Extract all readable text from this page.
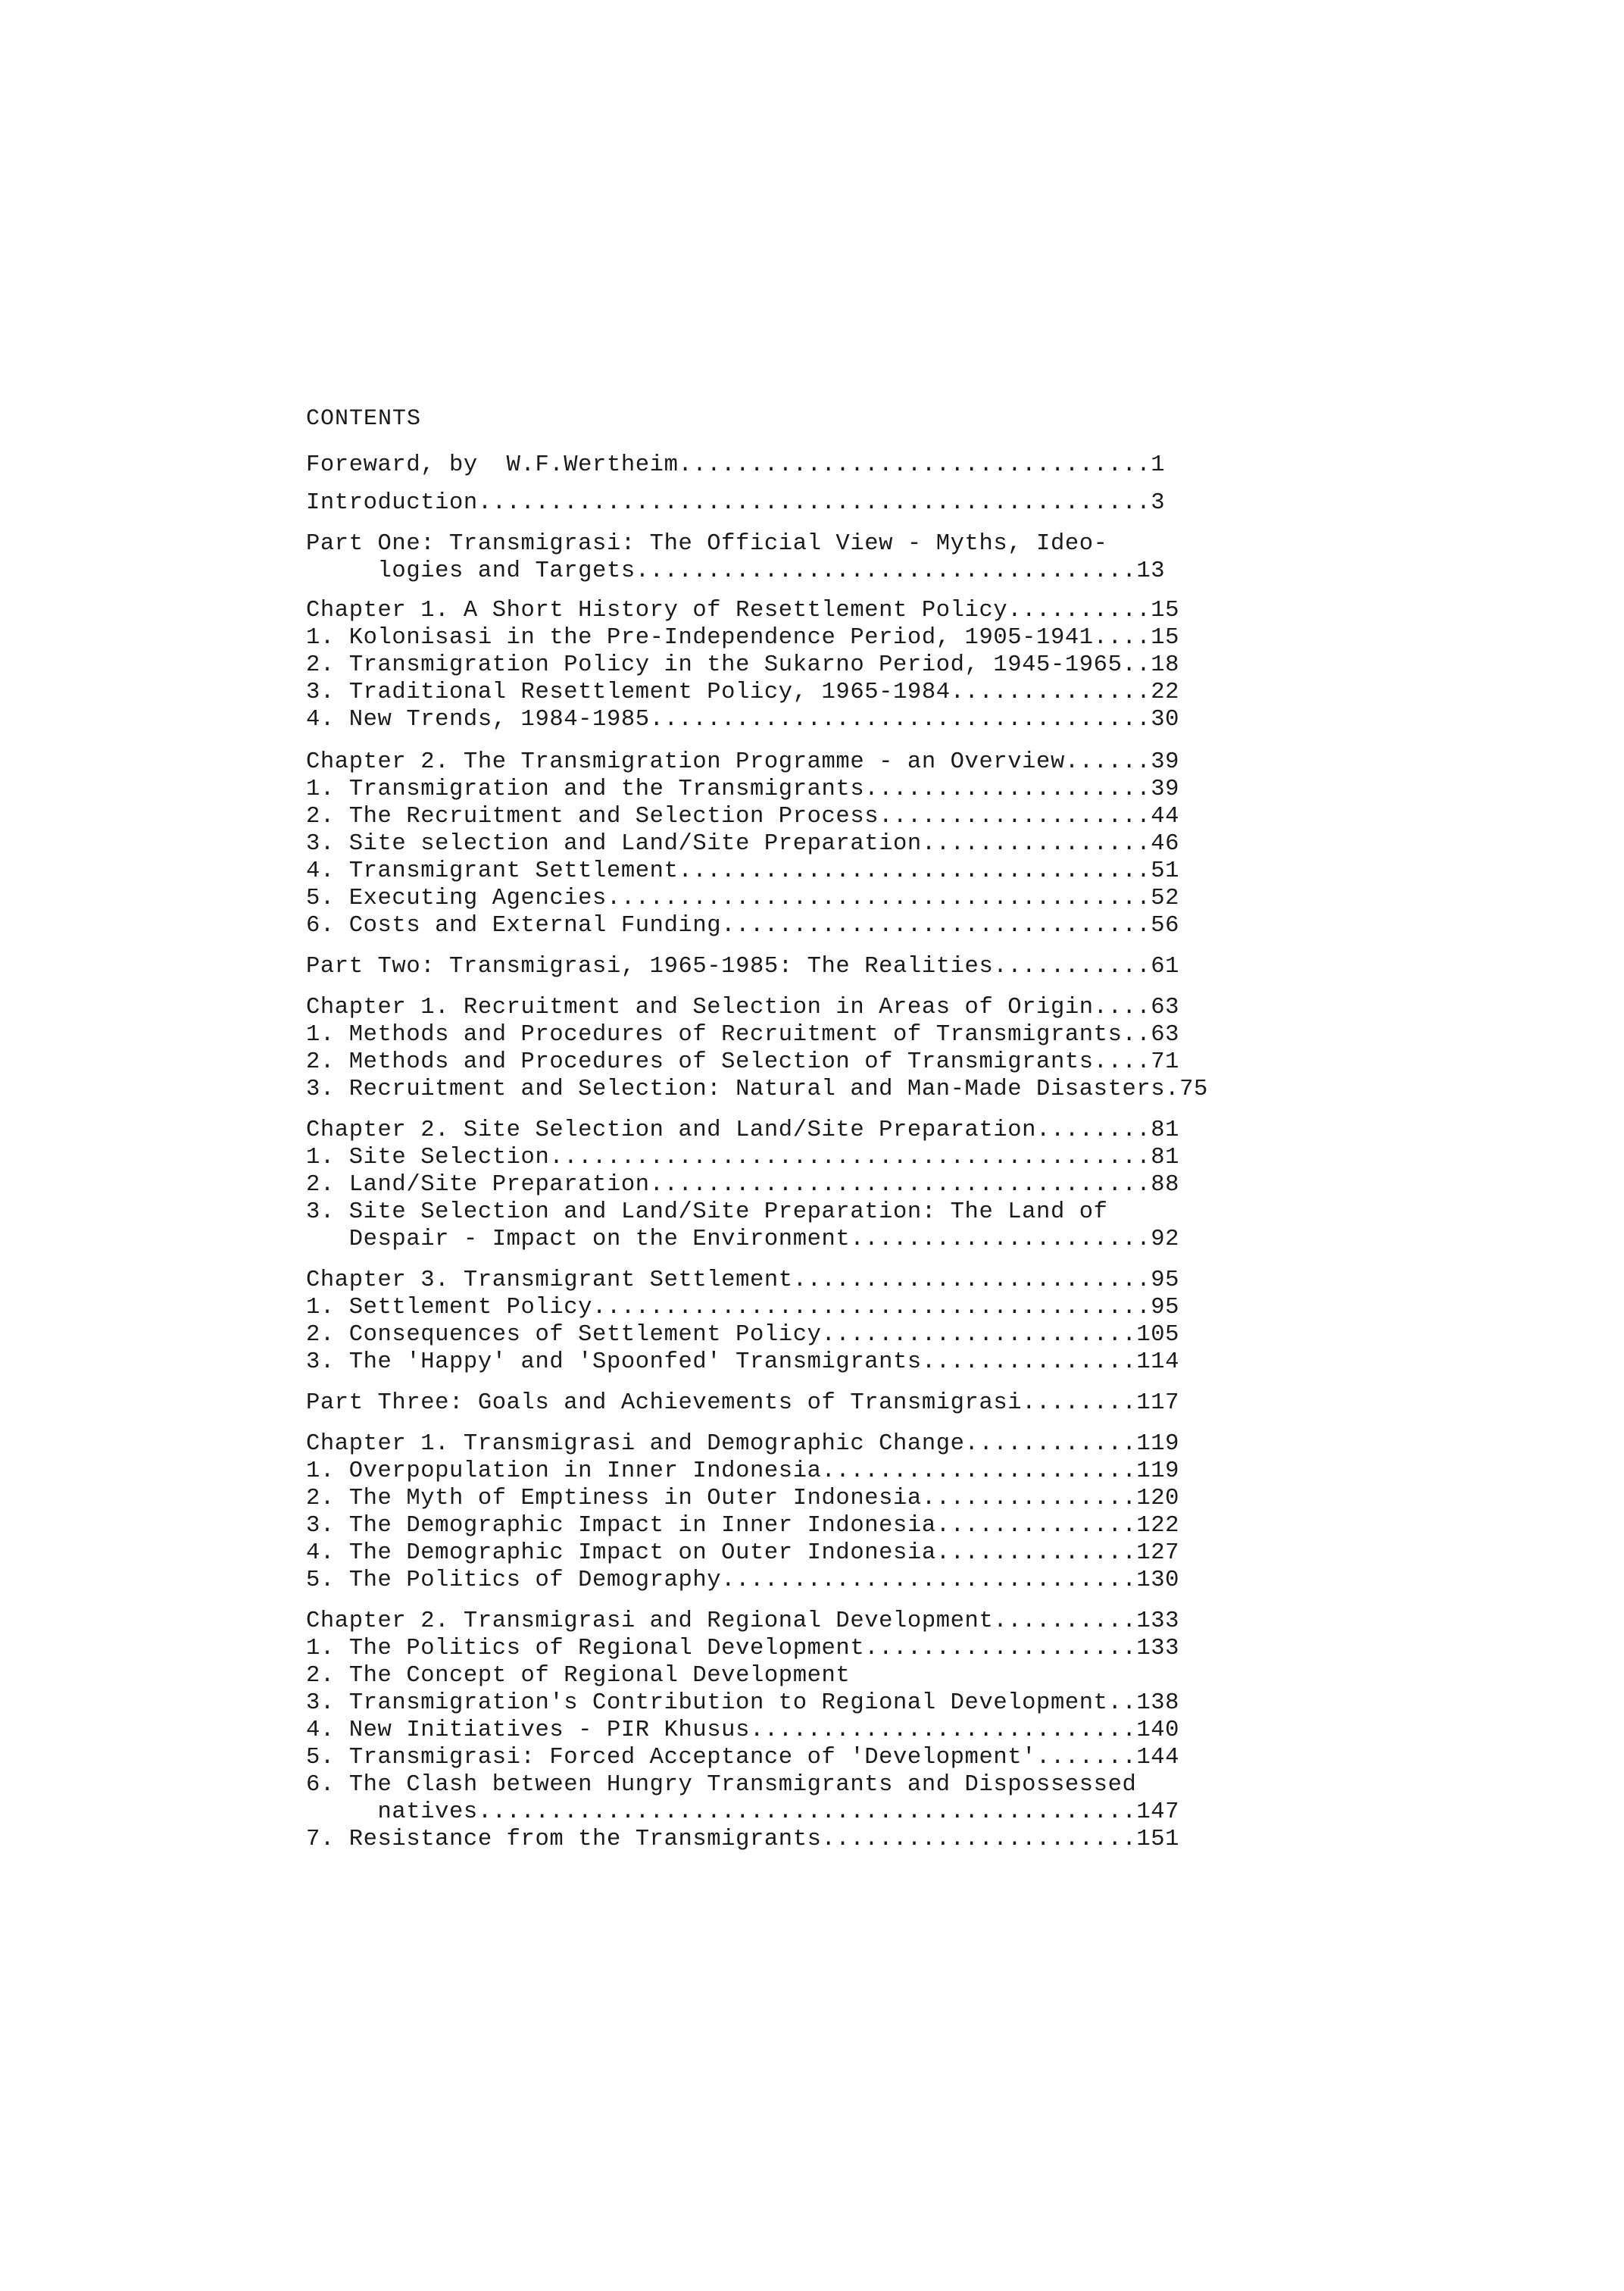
CONTENTS
Foreward, by  W.F.Wertheim.................................1
Introduction...............................................3
Part One: Transmigrasi: The Official View - Myths, Ideo-
logies and Targets...................................13
Chapter 1. A Short History of Resettlement Policy..........15
1. Kolonisasi in the Pre-Independence Period, 1905-1941....15
2. Transmigration Policy in the Sukarno Period, 1945-1965..18
3. Traditional Resettlement Policy, 1965-1984..............22
4. New Trends, 1984-1985...................................30
Chapter 2. The Transmigration Programme - an Overview......39
1. Transmigration and the Transmigrants....................39
2. The Recruitment and Selection Process...................44
3. Site selection and Land/Site Preparation................46
4. Transmigrant Settlement.................................51
5. Executing Agencies......................................52
6. Costs and External Funding..............................56
Part Two: Transmigrasi, 1965-1985: The Realities...........61
Chapter 1. Recruitment and Selection in Areas of Origin....63
1. Methods and Procedures of Recruitment of Transmigrants..63
2. Methods and Procedures of Selection of Transmigrants....71
3. Recruitment and Selection: Natural and Man-Made Disasters.75
Chapter 2. Site Selection and Land/Site Preparation........81
1. Site Selection..........................................81
2. Land/Site Preparation...................................88
3. Site Selection and Land/Site Preparation: The Land of
Despair - Impact on the Environment.....................92
Chapter 3. Transmigrant Settlement.........................95
1. Settlement Policy.......................................95
2. Consequences of Settlement Policy......................105
3. The 'Happy' and 'Spoonfed' Transmigrants...............114
Part Three: Goals and Achievements of Transmigrasi........117
Chapter 1. Transmigrasi and Demographic Change............119
1. Overpopulation in Inner Indonesia......................119
2. The Myth of Emptiness in Outer Indonesia...............120
3. The Demographic Impact in Inner Indonesia..............122
4. The Demographic Impact on Outer Indonesia..............127
5. The Politics of Demography.............................130
Chapter 2. Transmigrasi and Regional Development..........133
1. The Politics of Regional Development...................133
2. The Concept of Regional Development
3. Transmigration's Contribution to Regional Development..138
4. New Initiatives - PIR Khusus...........................140
5. Transmigrasi: Forced Acceptance of 'Development'.......144
6. The Clash between Hungry Transmigrants and Dispossessed
natives..............................................147
7. Resistance from the Transmigrants......................151
